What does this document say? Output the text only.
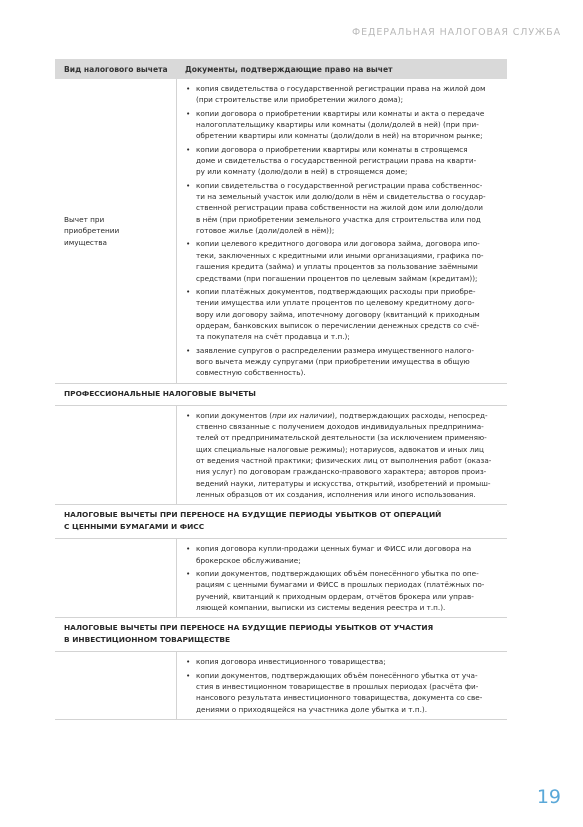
ФЕДЕРАЛЬНАЯ НАЛОГОВАЯ СЛУЖБА
Вид налогового вычета	Документы, подтверждающие право на вычет
Вычет при
приобретении
имущества
• копия свидетельства о государственной регистрации права на жилой дом
(при строительстве или приобретении жилого дома);
• копии договора о приобретении квартиры или комнаты и акта о передаче
налогоплательщику квартиры или комнаты (доли/долей в ней) (при при-
обретении квартиры или комнаты (доли/доли в ней) на вторичном рынке;
• копии договора о приобретении квартиры или комнаты в строящемся
доме и свидетельства о государственной регистрации права на кварти-
ру или комнату (долю/доли в ней) в строящемся доме;
• копии свидетельства о государственной регистрации права собственнос-
ти на земельный участок или долю/доли в нём и свидетельства о государ-
ственной регистрации права собственности на жилой дом или долю/доли
в нём (при приобретении земельного участка для строительства или под
готовое жилье (доли/долей в нём));
• копии целевого кредитного договора или договора займа, договора ипо-
теки, заключенных с кредитными или иными организациями, графика по-
гашения кредита (займа) и уплаты процентов за пользование заёмными
средствами (при погашении процентов по целевым займам (кредитам));
• копии платёжных документов, подтверждающих расходы при приобре-
тении имущества или уплате процентов по целевому кредитному дого-
вору или договору займа, ипотечному договору (квитанций к приходным
ордерам, банковских выписок о перечислении денежных средств со счё-
та покупателя на счёт продавца и т.п.);
• заявление супругов о распределении размера имущественного налого-
вого вычета между супругами (при приобретении имущества в общую
совместную собственность).
ПРОФЕССИОНАЛЬНЫЕ НАЛОГОВЫЕ ВЫЧЕТЫ
• копии документов (при их наличии), подтверждающих расходы, непосред-
ственно связанные с получением доходов индивидуальных предпринима-
телей от предпринимательской деятельности (за исключением применяю-
щих специальные налоговые режимы); нотариусов, адвокатов и иных лиц
от ведения частной практики; физических лиц от выполнения работ (оказа-
ния услуг) по договорам гражданско-правового характера; авторов произ-
ведений науки, литературы и искусства, открытий, изобретений и промыш-
ленных образцов от их создания, исполнения или иного использования.
НАЛОГОВЫЕ ВЫЧЕТЫ ПРИ ПЕРЕНОСЕ НА БУДУЩИЕ ПЕРИОДЫ УБЫТКОВ ОТ ОПЕРАЦИЙ
С ЦЕННЫМИ БУМАГАМИ И ФИСС
• копия договора купли-продажи ценных бумаг и ФИСС или договора на
брокерское обслуживание;
• копии документов, подтверждающих объём понесённого убытка по опе-
рациям с ценными бумагами и ФИСС в прошлых периодах (платёжных по-
ручений, квитанций к приходным ордерам, отчётов брокера или управ-
ляющей компании, выписки из системы ведения реестра и т.п.).
НАЛОГОВЫЕ ВЫЧЕТЫ ПРИ ПЕРЕНОСЕ НА БУДУЩИЕ ПЕРИОДЫ УБЫТКОВ ОТ УЧАСТИЯ
В ИНВЕСТИЦИОННОМ ТОВАРИЩЕСТВЕ
• копия договора инвестиционного товарищества;
• копии документов, подтверждающих объём понесённого убытка от уча-
стия в инвестиционном товариществе в прошлых периодах (расчёта фи-
нансового результата инвестиционного товарищества, документа со све-
дениями о приходящейся на участника доле убытка и т.п.).
19
